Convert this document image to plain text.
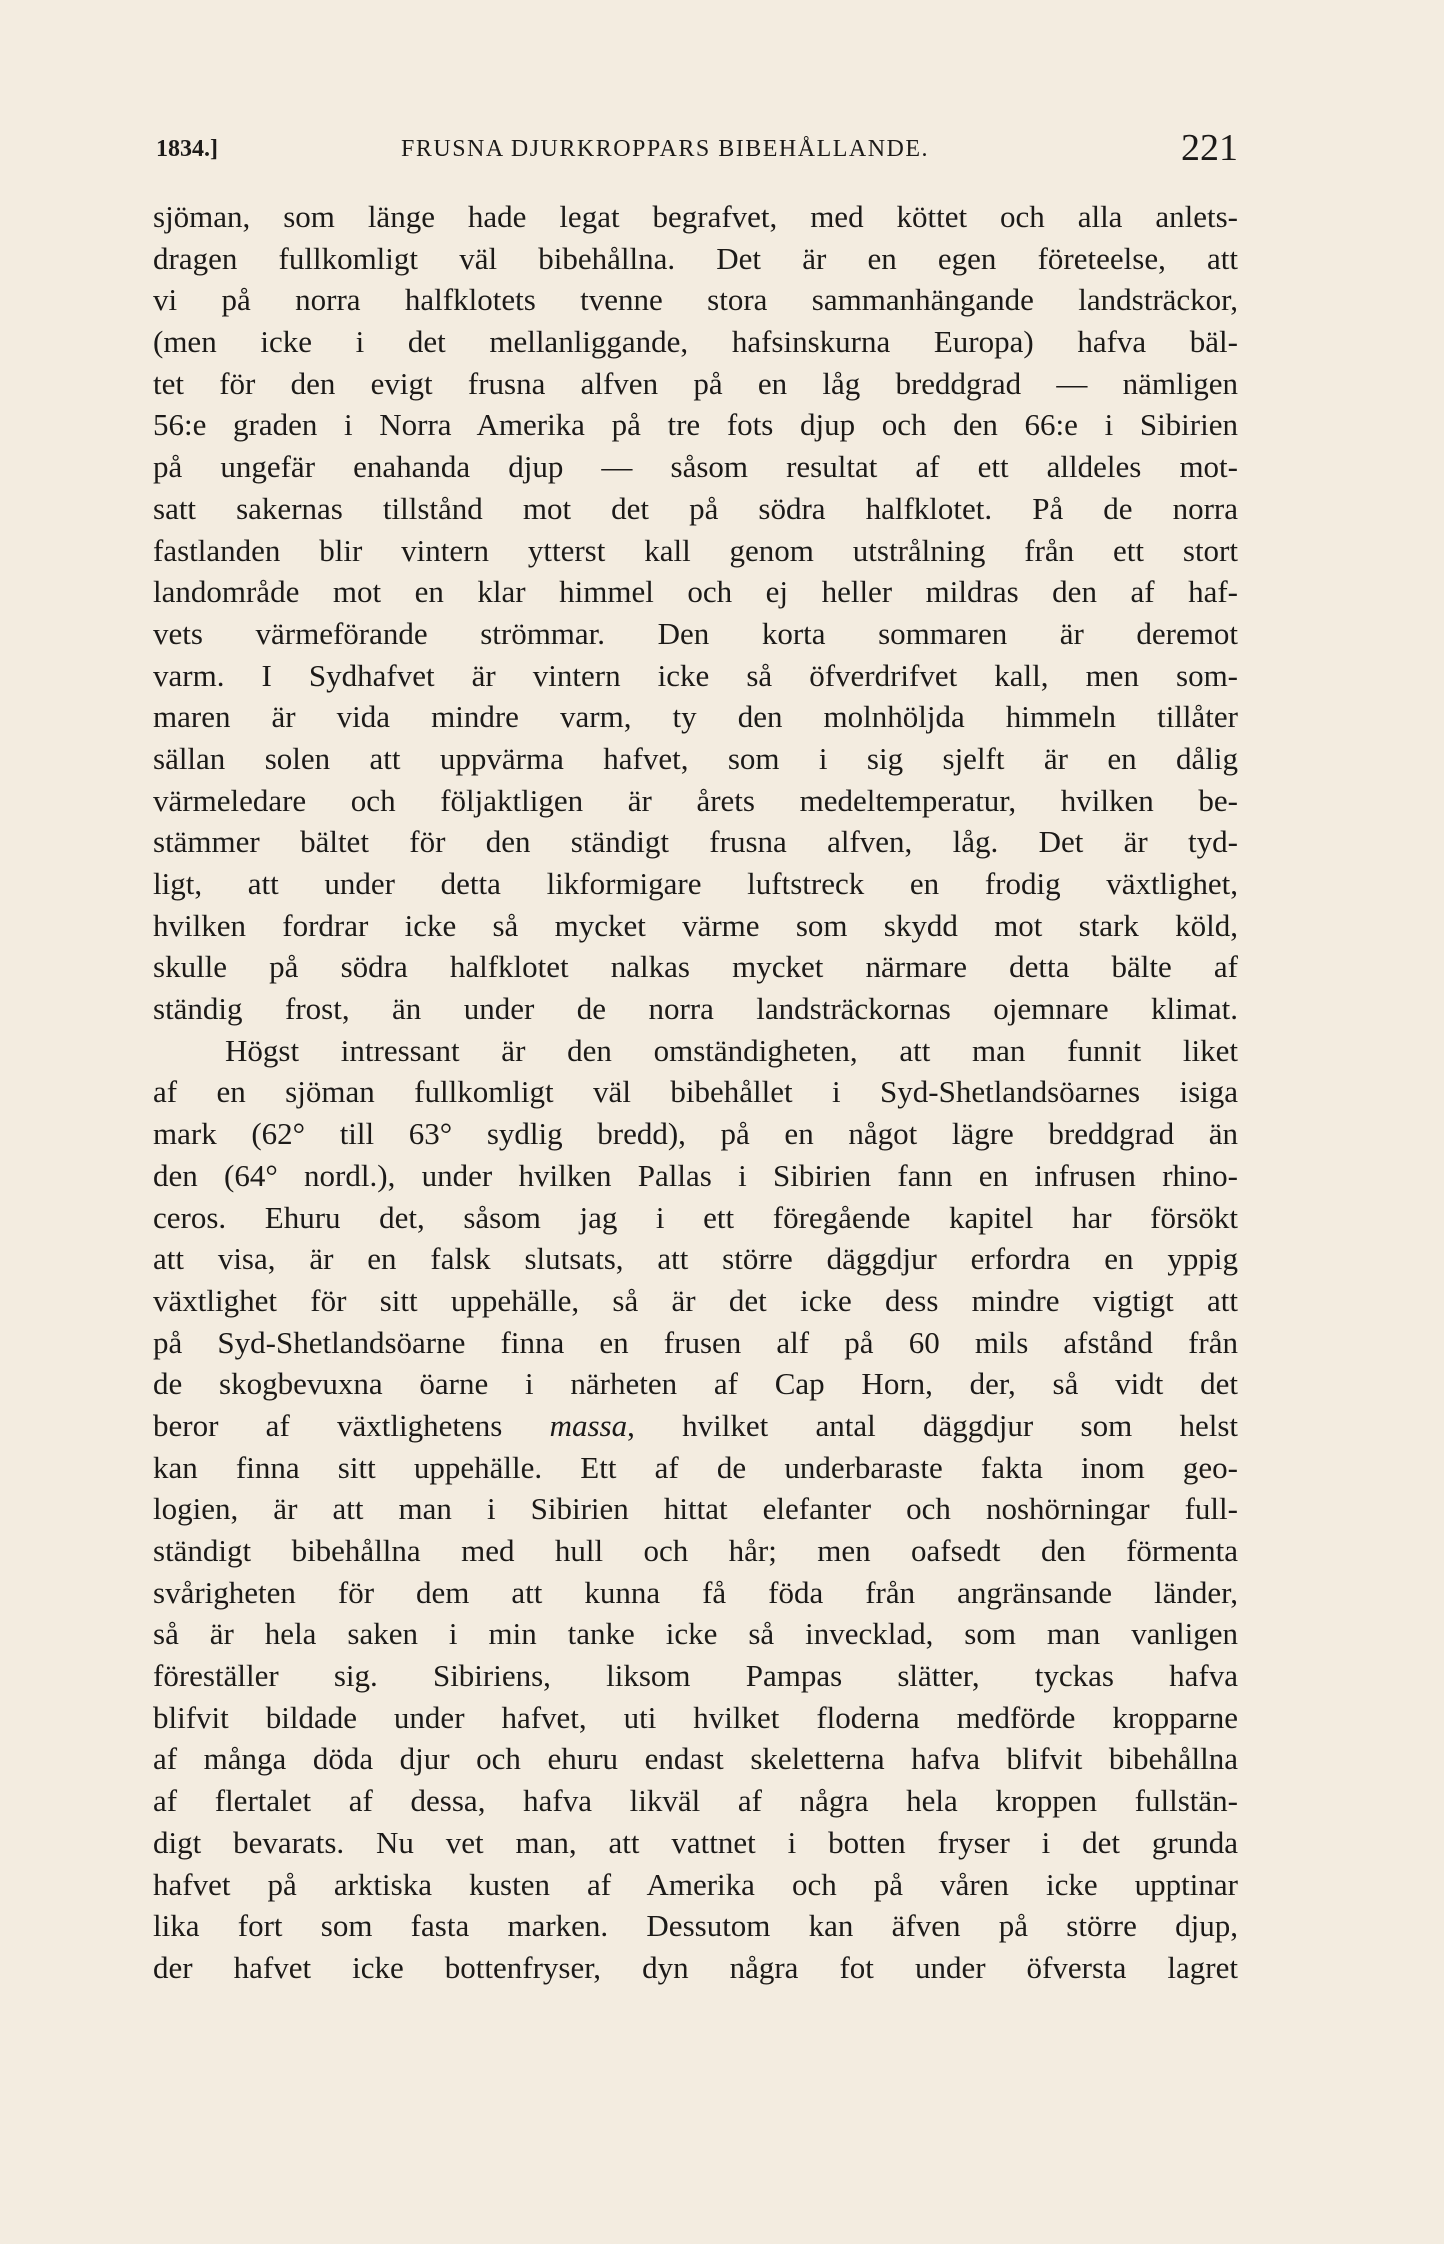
1834.]	FRUSNA DJURKROPPARS BIBEHÅLLANDE.	221
sjöman, som länge hade legat begrafvet, med köttet och alla anlets-
dragen fullkomligt väl bibehållna. Det är en egen företeelse, att
vi på norra halfklotets tvenne stora sammanhängande landsträckor,
(men icke i det mellanliggande, hafsinskurna Europa) hafva bäl-
tet för den evigt frusna alfven på en låg breddgrad — nämligen
56:e graden i Norra Amerika på tre fots djup och den 66:e i Sibirien
på ungefär enahanda djup — såsom resultat af ett alldeles mot-
satt sakernas tillstånd mot det på södra halfklotet. På de norra
fastlanden blir vintern ytterst kall genom utstrålning från ett stort
landområde mot en klar himmel och ej heller mildras den af haf-
vets värmeförande strömmar. Den korta sommaren är deremot
varm. I Sydhafvet är vintern icke så öfverdrifvet kall, men som-
maren är vida mindre varm, ty den molnhöljda himmeln tillåter
sällan solen att uppvärma hafvet, som i sig sjelft är en dålig
värmeledare och följaktligen är årets medeltemperatur, hvilken be-
stämmer bältet för den ständigt frusna alfven, låg. Det är tyd-
ligt, att under detta likformigare luftstreck en frodig växtlighet,
hvilken fordrar icke så mycket värme som skydd mot stark köld,
skulle på södra halfklotet nalkas mycket närmare detta bälte af
ständig frost, än under de norra landsträckornas ojemnare klimat.
Högst intressant är den omständigheten, att man funnit liket
af en sjöman fullkomligt väl bibehållet i Syd-Shetlandsöarnes isiga
mark (62° till 63° sydlig bredd), på en något lägre breddgrad än
den (64° nordl.), under hvilken Pallas i Sibirien fann en infrusen rhino-
ceros. Ehuru det, såsom jag i ett föregående kapitel har försökt
att visa, är en falsk slutsats, att större däggdjur erfordra en yppig
växtlighet för sitt uppehälle, så är det icke dess mindre vigtigt att
på Syd-Shetlandsöarne finna en frusen alf på 60 mils afstånd från
de skogbevuxna öarne i närheten af Cap Horn, der, så vidt det
beror af växtlighetens massa, hvilket antal däggdjur som helst
kan finna sitt uppehälle. Ett af de underbaraste fakta inom geo-
logien, är att man i Sibirien hittat elefanter och noshörningar full-
ständigt bibehållna med hull och hår; men oafsedt den förmenta
svårigheten för dem att kunna få föda från angränsande länder,
så är hela saken i min tanke icke så invecklad, som man vanligen
föreställer sig. Sibiriens, liksom Pampas slätter, tyckas hafva
blifvit bildade under hafvet, uti hvilket floderna medförde kropparne
af många döda djur och ehuru endast skeletterna hafva blifvit bibehållna
af flertalet af dessa, hafva likväl af några hela kroppen fullstän-
digt bevarats. Nu vet man, att vattnet i botten fryser i det grunda
hafvet på arktiska kusten af Amerika och på våren icke upptinar
lika fort som fasta marken. Dessutom kan äfven på större djup,
der hafvet icke bottenfryser, dyn några fot under öfversta lagret
